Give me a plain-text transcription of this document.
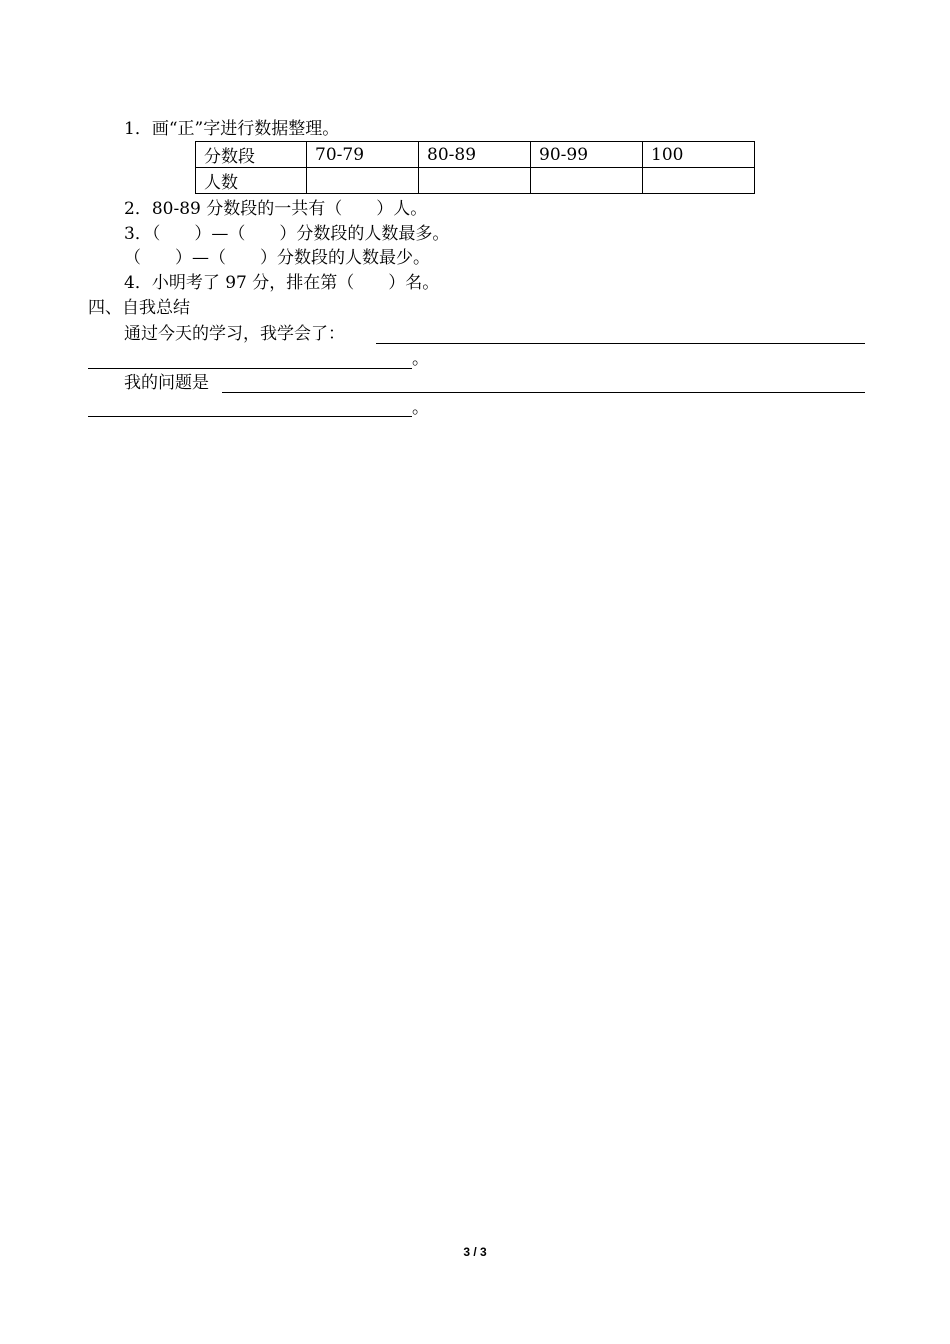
1．画“正”字进行数据整理。
分数段	70-79	80-89	90-99	100
人数				
2．80-89 分数段的一共有（　　）人。
3．（　　）—（　　）分数段的人数最多。
（　　）—（　　）分数段的人数最少。
4．小明考了 97 分，排在第（　　）名。
四、自我总结
通过今天的学习，我学会了：
。
我的问题是
。
3 / 3
